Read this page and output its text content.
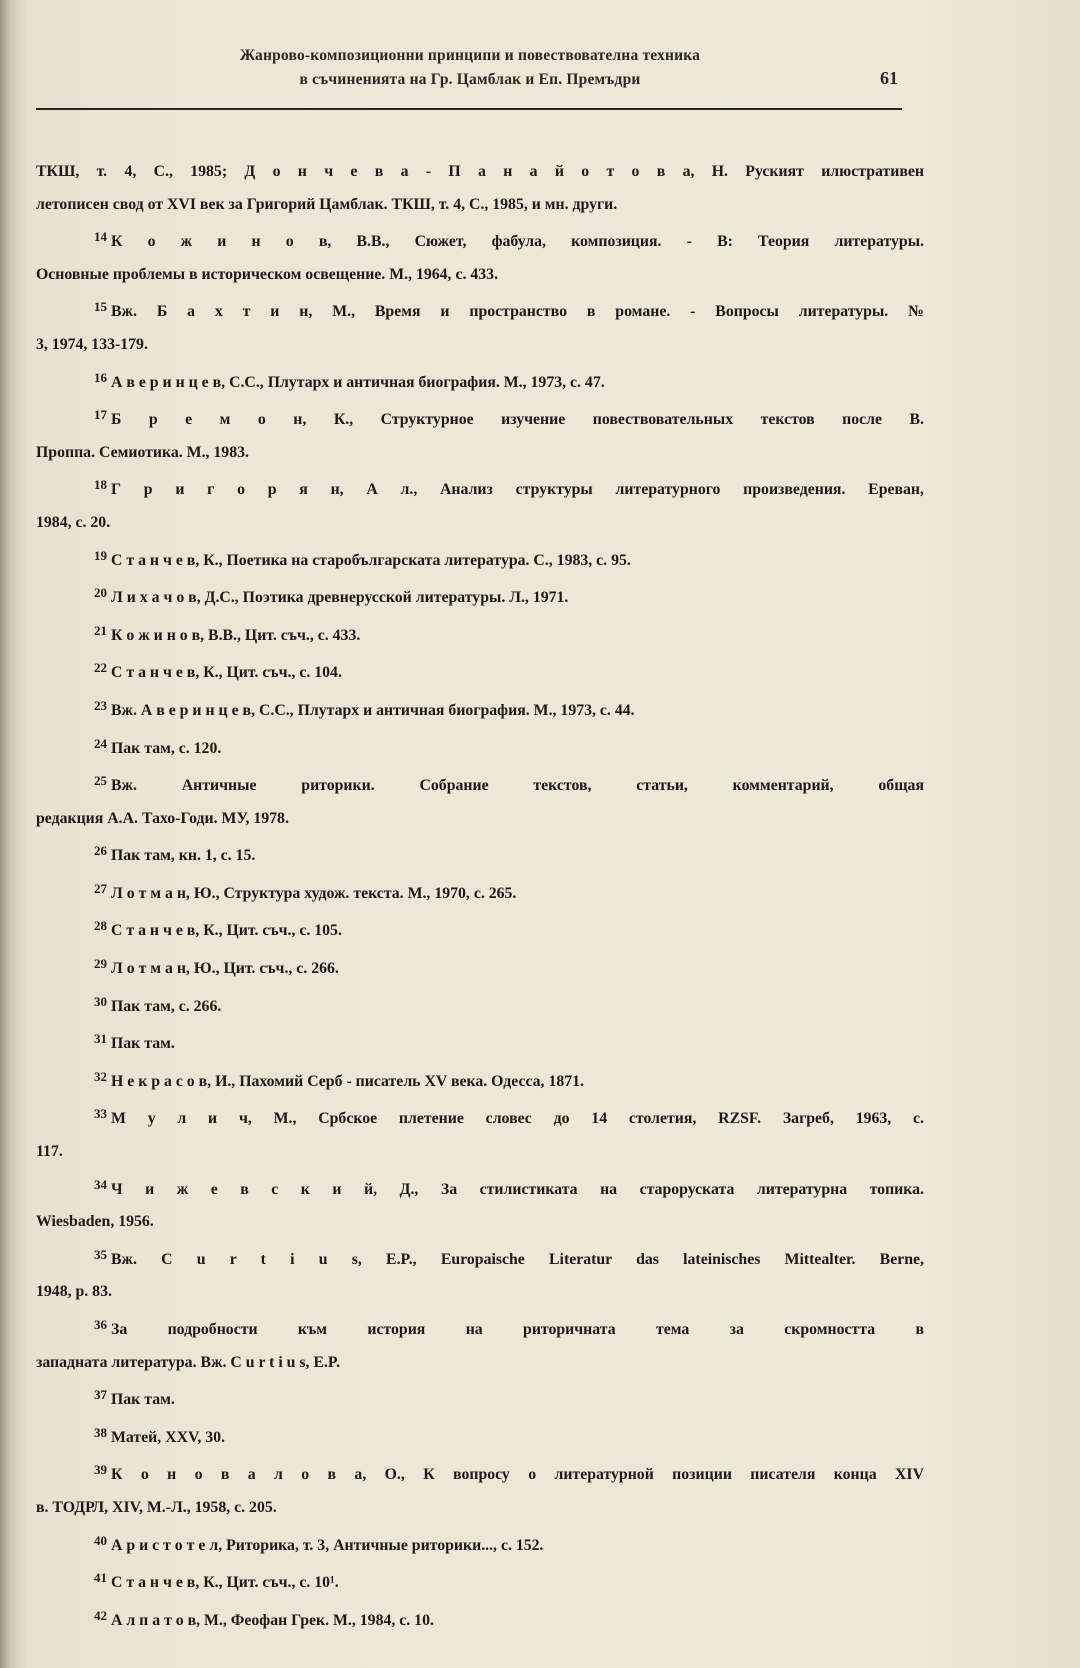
Жанрово-композиционни принципи и повествователна техника
в съчиненията на Гр. Цамблак и Еп. Премъдри	61
ТКШ, т. 4, С., 1985; Д о н ч е в а - П а н а й о т о в а, Н. Руският илюстративен
летописен свод от XVI век за Григорий Цамблак. ТКШ, т. 4, С., 1985, и мн. други.
$^{14}$ К о ж и н о в, В.В., Сюжет, фабула, композиция. - В: Теория литературы.
Основные проблемы в историческом освещение. М., 1964, с. 433.
$^{15}$ Вж. Б а х т и н, М., Время и пространство в романе. - Вопросы литературы. №
3, 1974, 133-179.
$^{16}$ А в е р и н ц е в, С.С., Плутарх и античная биография. М., 1973, с. 47.
$^{17}$ Б р е м о н, К., Структурное изучение повествовательных текстов после В.
Проппа. Семиотика. М., 1983.
$^{18}$ Г р и г о р я н, А л., Анализ структуры литературного произведения. Ереван,
1984, с. 20.
$^{19}$ С т а н ч е в, К., Поетика на старобългарската литература. С., 1983, с. 95.
$^{20}$ Л и х а ч о в, Д.С., Поэтика древнерусской литературы. Л., 1971.
$^{21}$ К о ж и н о в, В.В., Цит. съч., с. 433.
$^{22}$ С т а н ч е в, К., Цит. съч., с. 104.
$^{23}$ Вж. А в е р и н ц е в, С.С., Плутарх и античная биография. М., 1973, с. 44.
$^{24}$ Пак там, с. 120.
$^{25}$ Вж. Античные риторики. Собрание текстов, статьи, комментарий, общая
редакция А.А. Тахо-Годи. МУ, 1978.
$^{26}$ Пак там, кн. 1, с. 15.
$^{27}$ Л о т м а н, Ю., Структура худож. текста. М., 1970, с. 265.
$^{28}$ С т а н ч е в, К., Цит. съч., с. 105.
$^{29}$ Л о т м а н, Ю., Цит. съч., с. 266.
$^{30}$ Пак там, с. 266.
$^{31}$ Пак там.
$^{32}$ Н е к р а с о в, И., Пахомий Серб - писатель XV века. Одесса, 1871.
$^{33}$ М у л и ч, М., Србское плетение словес до 14 столетия, RZSF. Загреб, 1963, с.
117.
$^{34}$ Ч и ж е в с к и й, Д., За стилистиката на староруската литературна топика.
Wiesbaden, 1956.
$^{35}$ Вж. C u r t i u s, E.P., Europaische Literatur das lateinisches Mittealter. Berne,
1948, p. 83.
$^{36}$ За подробности към история на риторичната тема за скромността в
западната литература. Вж. C u r t i u s, E.P.
$^{37}$ Пак там.
$^{38}$ Матей, XXV, 30.
$^{39}$ К о н о в а л о в а, О., К вопросу о литературной позиции писателя конца XIV
в. ТОДРЛ, XIV, М.-Л., 1958, с. 205.
$^{40}$ А р и с т о т е л, Риторика, т. 3, Античные риторики..., с. 152.
$^{41}$ С т а н ч е в, К., Цит. съч., с. 10¹.
$^{42}$ А л п а т о в, М., Феофан Грек. М., 1984, с. 10.
